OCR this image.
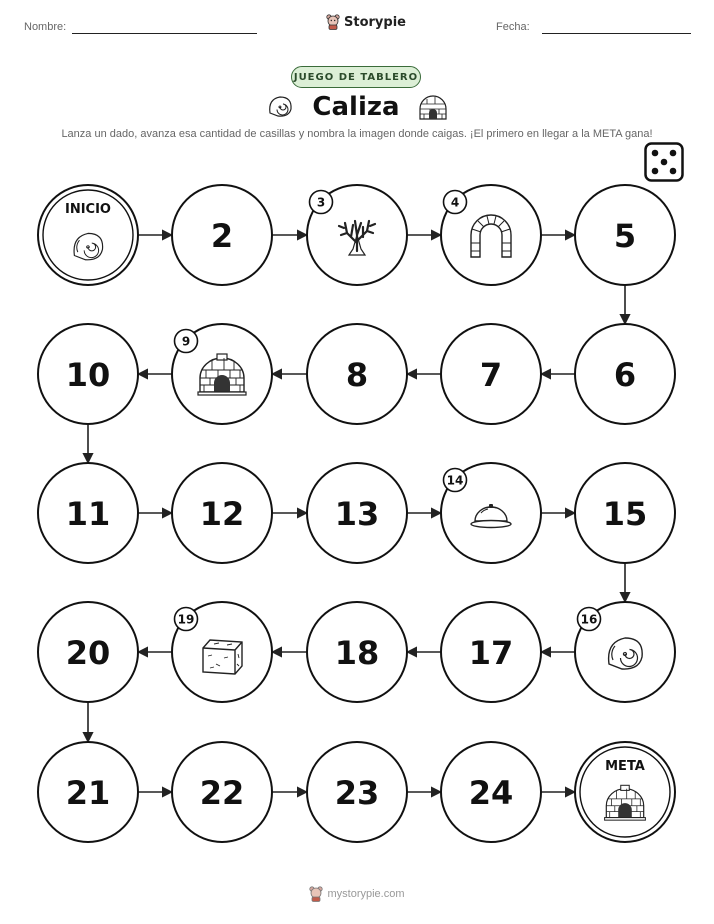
Nombre:	Storypie	Fecha:
JUEGO DE TABLERO
Caliza
Lanza un dado, avanza esa cantidad de casillas y nombra la imagen donde caigas. ¡El primero en llegar a la META gana!
INICIO
2
3	4
5
6
7
8
9
10
11	12	13
14
15
16
17
18
19
20
21	22	23	24
META
mystorypie.com
